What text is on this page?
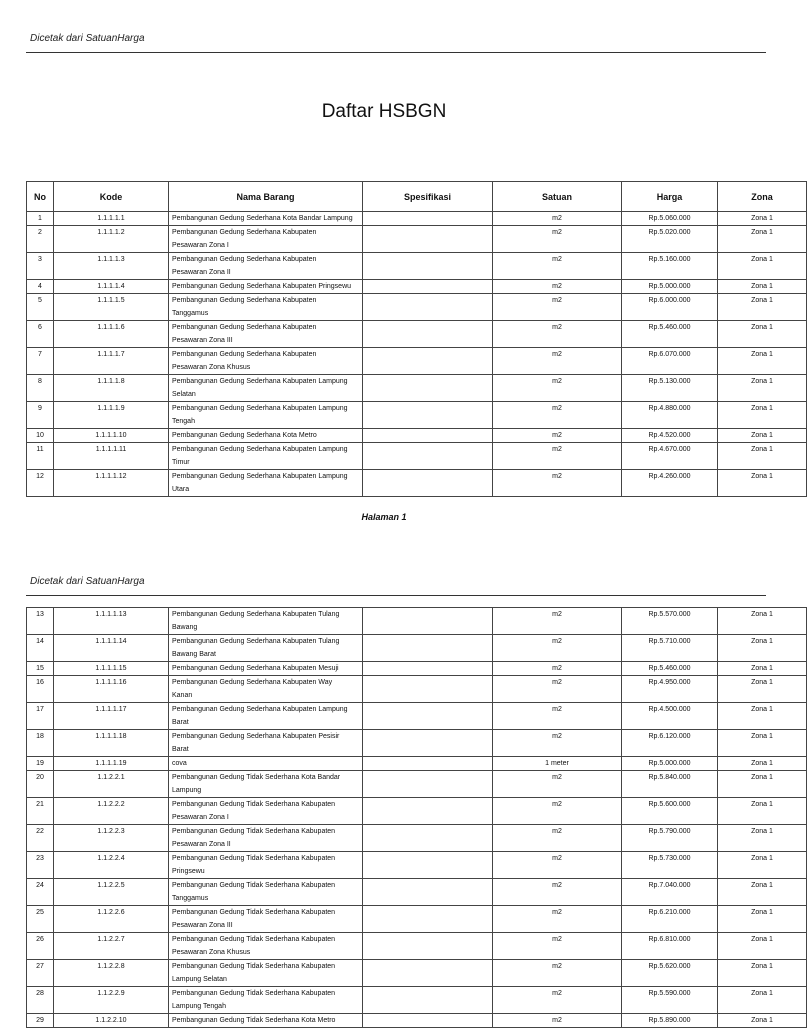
Dicetak dari SatuanHarga
Daftar HSBGN
No	Kode	Nama Barang	Spesifikasi	Satuan	Harga	Zona
1	1.1.1.1.1	Pembangunan Gedung Sederhana Kota Bandar Lampung		m2	Rp.5.060.000	Zona 1
2	1.1.1.1.2	Pembangunan Gedung Sederhana Kabupaten
Pesawaran Zona I		m2	Rp.5.020.000	Zona 1
3	1.1.1.1.3	Pembangunan Gedung Sederhana Kabupaten
Pesawaran Zona II		m2	Rp.5.160.000	Zona 1
4	1.1.1.1.4	Pembangunan Gedung Sederhana Kabupaten Pringsewu		m2	Rp.5.000.000	Zona 1
5	1.1.1.1.5	Pembangunan Gedung Sederhana Kabupaten
Tanggamus		m2	Rp.6.000.000	Zona 1
6	1.1.1.1.6	Pembangunan Gedung Sederhana Kabupaten
Pesawaran Zona III		m2	Rp.5.460.000	Zona 1
7	1.1.1.1.7	Pembangunan Gedung Sederhana Kabupaten
Pesawaran Zona Khusus		m2	Rp.6.070.000	Zona 1
8	1.1.1.1.8	Pembangunan Gedung Sederhana Kabupaten Lampung
Selatan		m2	Rp.5.130.000	Zona 1
9	1.1.1.1.9	Pembangunan Gedung Sederhana Kabupaten Lampung
Tengah		m2	Rp.4.880.000	Zona 1
10	1.1.1.1.10	Pembangunan Gedung Sederhana Kota Metro		m2	Rp.4.520.000	Zona 1
11	1.1.1.1.11	Pembangunan Gedung Sederhana Kabupaten Lampung
Timur		m2	Rp.4.670.000	Zona 1
12	1.1.1.1.12	Pembangunan Gedung Sederhana Kabupaten Lampung
Utara		m2	Rp.4.260.000	Zona 1
Halaman 1
Dicetak dari SatuanHarga
13	1.1.1.1.13	Pembangunan Gedung Sederhana Kabupaten Tulang
Bawang		m2	Rp.5.570.000	Zona 1
14	1.1.1.1.14	Pembangunan Gedung Sederhana Kabupaten Tulang
Bawang Barat		m2	Rp.5.710.000	Zona 1
15	1.1.1.1.15	Pembangunan Gedung Sederhana Kabupaten Mesuji		m2	Rp.5.460.000	Zona 1
16	1.1.1.1.16	Pembangunan Gedung Sederhana Kabupaten Way
Kanan		m2	Rp.4.950.000	Zona 1
17	1.1.1.1.17	Pembangunan Gedung Sederhana Kabupaten Lampung
Barat		m2	Rp.4.500.000	Zona 1
18	1.1.1.1.18	Pembangunan Gedung Sederhana Kabupaten Pesisir
Barat		m2	Rp.6.120.000	Zona 1
19	1.1.1.1.19	cova		1 meter	Rp.5.000.000	Zona 1
20	1.1.2.2.1	Pembangunan Gedung Tidak Sederhana Kota Bandar
Lampung		m2	Rp.5.840.000	Zona 1
21	1.1.2.2.2	Pembangunan Gedung Tidak Sederhana Kabupaten
Pesawaran Zona I		m2	Rp.5.600.000	Zona 1
22	1.1.2.2.3	Pembangunan Gedung Tidak Sederhana Kabupaten
Pesawaran Zona II		m2	Rp.5.790.000	Zona 1
23	1.1.2.2.4	Pembangunan Gedung Tidak Sederhana Kabupaten
Pringsewu		m2	Rp.5.730.000	Zona 1
24	1.1.2.2.5	Pembangunan Gedung Tidak Sederhana Kabupaten
Tanggamus		m2	Rp.7.040.000	Zona 1
25	1.1.2.2.6	Pembangunan Gedung Tidak Sederhana Kabupaten
Pesawaran Zona III		m2	Rp.6.210.000	Zona 1
26	1.1.2.2.7	Pembangunan Gedung Tidak Sederhana Kabupaten
Pesawaran Zona Khusus		m2	Rp.6.810.000	Zona 1
27	1.1.2.2.8	Pembangunan Gedung Tidak Sederhana Kabupaten
Lampung Selatan		m2	Rp.5.620.000	Zona 1
28	1.1.2.2.9	Pembangunan Gedung Tidak Sederhana Kabupaten
Lampung Tengah		m2	Rp.5.590.000	Zona 1
29	1.1.2.2.10	Pembangunan Gedung Tidak Sederhana Kota Metro		m2	Rp.5.890.000	Zona 1
